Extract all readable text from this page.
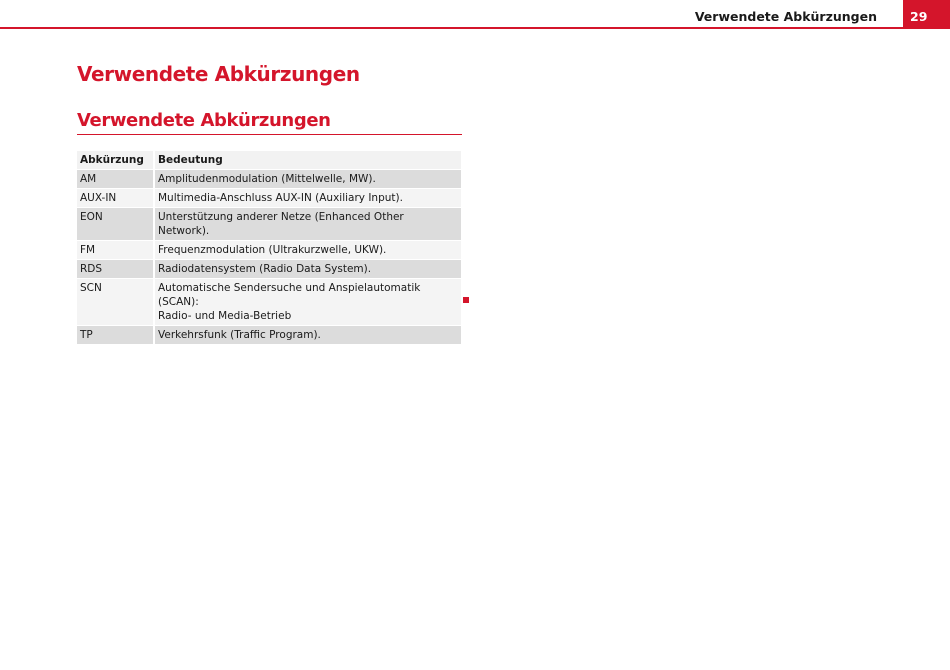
Verwendete Abkürzungen	29
Verwendete Abkürzungen
Verwendete Abkürzungen
Abkürzung	Bedeutung
AM	Amplitudenmodulation (Mittelwelle, MW).
AUX-IN	Multimedia-Anschluss AUX-IN (Auxiliary Input).
EON	Unterstützung anderer Netze (Enhanced Other Network).
FM	Frequenzmodulation (Ultrakurzwelle, UKW).
RDS	Radiodatensystem (Radio Data System).
SCN	Automatische Sendersuche und Anspielautomatik (SCAN):
Radio- und Media-Betrieb

TP	Verkehrsfunk (Traffic Program).
